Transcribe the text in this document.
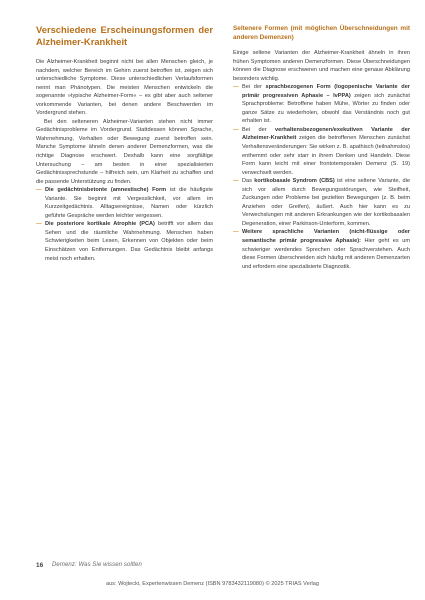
Verschiedene Erscheinungsformen der Alzheimer-Krankheit

Die Alzheimer-Krankheit beginnt nicht bei allen Menschen gleich, je nachdem, welcher Bereich im Gehirn zuerst betroffen ist, zeigen sich unterschiedliche Symptome. Diese unterschiedlichen Verlaufsformen nennt man Phänotypen. Die meisten Menschen entwickeln die sogenannte »typische Alzheimer-Form« – es gibt aber auch seltener vorkommende Varianten, bei denen andere Beschwerden im Vordergrund stehen.

Bei den selteneren Alzheimer-Varianten stehen nicht immer Gedächtnisprobleme im Vordergrund. Stattdessen können Sprache, Wahrnehmung, Verhalten oder Bewegung zuerst betroffen sein. Manche Symptome ähneln denen anderer Demenzformen, was die richtige Diagnose erschwert. Deshalb kann eine sorgfältige Untersuchung – am besten in einer spezialisierten Gedächtnissprechstunde – hilfreich sein, um Klarheit zu schaffen und die passende Unterstützung zu finden.

— Die gedächtnisbetonte (amnestische) Form ist die häufigste Variante. Sie beginnt mit Vergesslichkeit, vor allem im Kurzzeitgedächtnis. Alltagsereignisse, Namen oder kürzlich geführte Gespräche werden leichter vergessen.
— Die posteriore kortikale Atrophie (PCA) betrifft vor allem das Sehen und die räumliche Wahrnehmung. Menschen haben Schwierigkeiten beim Lesen, Erkennen von Objekten oder beim Einschätzen von Entfernungen. Das Gedächtnis bleibt anfangs meist noch erhalten.
Seltenere Formen (mit möglichen Überschneidungen mit anderen Demenzen)

Einige seltene Varianten der Alzheimer-Krankheit ähneln in ihren frühen Symptomen anderen Demenzformen. Diese Überschneidungen können die Diagnose erschweren und machen eine genaue Abklärung besonders wichtig.

— Bei der sprachbezogenen Form (logopenische Variante der primär progressiven Aphasie – lvPPA) zeigen sich zunächst Sprachprobleme: Betroffene haben Mühe, Wörter zu finden oder ganze Sätze zu wiederholen, obwohl das Verständnis noch gut erhalten ist.
— Bei der verhaltensbezogenen/exekutiven Variante der Alzheimer-Krankheit zeigen die betroffenen Menschen zunächst Verhaltensveränderungen: Sie wirken z. B. apathisch (teilnahmslos) enthemmt oder sehr starr in ihrem Denken und Handeln. Diese Form kann leicht mit einer frontotemporalen Demenz (S. 19) verwechselt werden.
— Das kortikobasale Syndrom (CBS) ist eine seltene Variante, die sich vor allem durch Bewegungsstörungen, wie Steifheit, Zuckungen oder Probleme bei gezielten Bewegungen (z. B. beim Anziehen oder Greifen), äußert. Auch hier kann es zu Verwechslungen mit anderen Erkrankungen wie der kortikobasalen Degeneration, einer Parkinson-Unterform, kommen.
— Weitere sprachliche Varianten (nicht-flüssige oder semantische primär progressive Aphasie): Hier geht es um schwieriger werdendes Sprechen oder Sprachverstehen. Auch diese Formen überschneiden sich häufig mit anderen Demenzarten und erfordern eine spezialisierte Diagnostik.
16 Demenz: Was Sie wissen sollten
aus: Wojtecki, Expertenwissen Demenz (ISBN 9783432119080) © 2025 TRIAS Verlag
